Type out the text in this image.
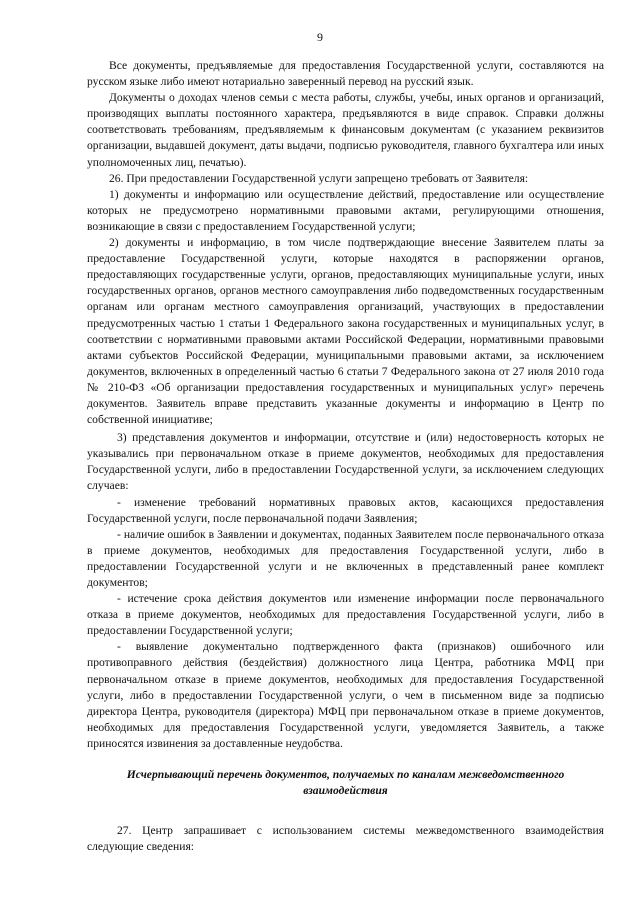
9

Все документы, предъявляемые для предоставления Государственной услуги, составляются на русском языке либо имеют нотариально заверенный перевод на русский язык.

Документы о доходах членов семьи с места работы, службы, учебы, иных органов и организаций, производящих выплаты постоянного характера, предъявляются в виде справок. Справки должны соответствовать требованиям, предъявляемым к финансовым документам (с указанием реквизитов организации, выдавшей документ, даты выдачи, подписью руководителя, главного бухгалтера или иных уполномоченных лиц, печатью).

26. При предоставлении Государственной услуги запрещено требовать от Заявителя:

1) документы и информацию или осуществление действий, предоставление или осуществление которых не предусмотрено нормативными правовыми актами, регулирующими отношения, возникающие в связи с предоставлением Государственной услуги;

2) документы и информацию, в том числе подтверждающие внесение Заявителем платы за предоставление Государственной услуги, которые находятся в распоряжении органов, предоставляющих государственные услуги, органов, предоставляющих муниципальные услуги, иных государственных органов, органов местного самоуправления либо подведомственных государственным органам или органам местного самоуправления организаций, участвующих в предоставлении предусмотренных частью 1 статьи 1 Федерального закона государственных и муниципальных услуг, в соответствии с нормативными правовыми актами Российской Федерации, нормативными правовыми актами субъектов Российской Федерации, муниципальными правовыми актами, за исключением документов, включенных в определенный частью 6 статьи 7 Федерального закона от 27 июля 2010 года № 210-ФЗ «Об организации предоставления государственных и муниципальных услуг» перечень документов. Заявитель вправе представить указанные документы и информацию в Центр по собственной инициативе;

3) представления документов и информации, отсутствие и (или) недостоверность которых не указывались при первоначальном отказе в приеме документов, необходимых для предоставления Государственной услуги, либо в предоставлении Государственной услуги, за исключением следующих случаев:

- изменение требований нормативных правовых актов, касающихся предоставления Государственной услуги, после первоначальной подачи Заявления;

- наличие ошибок в Заявлении и документах, поданных Заявителем после первоначального отказа в приеме документов, необходимых для предоставления Государственной услуги, либо в предоставлении Государственной услуги и не включенных в представленный ранее комплект документов;

- истечение срока действия документов или изменение информации после первоначального отказа в приеме документов, необходимых для предоставления Государственной услуги, либо в предоставлении Государственной услуги;

- выявление документально подтвержденного факта (признаков) ошибочного или противоправного действия (бездействия) должностного лица Центра, работника МФЦ при первоначальном отказе в приеме документов, необходимых для предоставления Государственной услуги, либо в предоставлении Государственной услуги, о чем в письменном виде за подписью директора Центра, руководителя (директора) МФЦ при первоначальном отказе в приеме документов, необходимых для предоставления Государственной услуги, уведомляется Заявитель, а также приносятся извинения за доставленные неудобства.

Исчерпывающий перечень документов, получаемых по каналам межведомственного взаимодействия

27. Центр запрашивает с использованием системы межведомственного взаимодействия следующие сведения:
